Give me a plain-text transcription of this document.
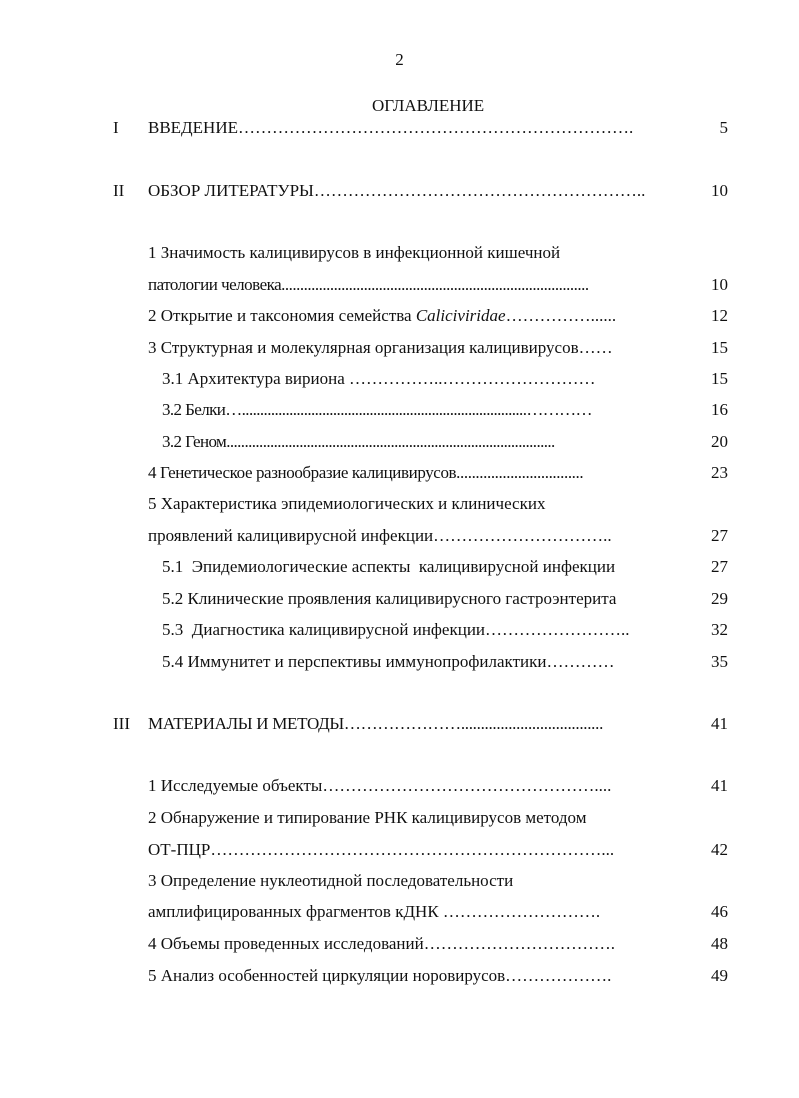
2
ОГЛАВЛЕНИЕ
I ВВЕДЕНИЕ…………………………………………………………….	5
II ОБЗОР ЛИТЕРАТУРЫ…………………………………………………..	10
1 Значимость калицивирусов в инфекционной кишечной
патологии человека..................................................................................	10
2 Открытие и таксономия семейства Caliciviridae……………......	12
3 Структурная и молекулярная организация калицивирусов……	15
3.1 Архитектура вириона ……………..………………………	15
3.2 Белки…..............................................................................…………	16
3.2 Геном..........................................................................................	20
4 Генетическое разнообразие калицивирусов.................................	23
5 Характеристика эпидемиологических и клинических
проявлений калицивирусной инфекции…………………………..	27
5.1  Эпидемиологические аспекты  калицивирусной инфекции	27
5.2 Клинические проявления калицивирусного гастроэнтерита	29
5.3  Диагностика калицивирусной инфекции……………………..	32
5.4 Иммунитет и перспективы иммунопрофилактики…………	35
III МАТЕРИАЛЫ И МЕТОДЫ…………………....................................	41
1 Исследуемые объекты…………………………………………....	41
2 Обнаружение и типирование РНК калицивирусов методом
ОТ-ПЦР……………………………………………………………...	42
3 Определение нуклеотидной последовательности
амплифицированных фрагментов кДНК ……………………….	46
4 Объемы проведенных исследований…………………………….	48
5 Анализ особенностей циркуляции норовирусов……………….	49
